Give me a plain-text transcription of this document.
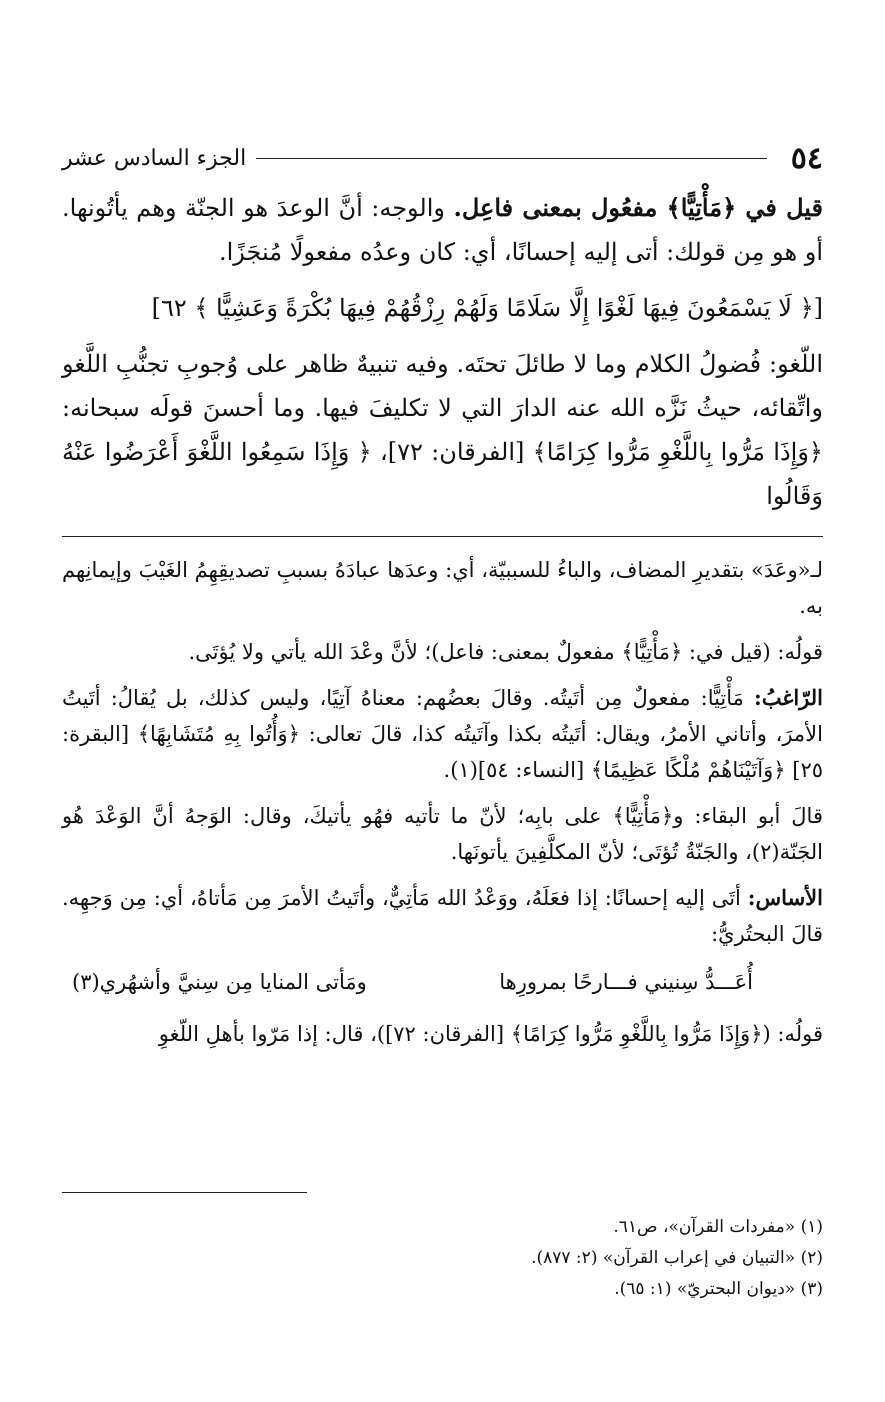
٥٤
الجزء السادس عشر

قيل في ﴿مَأْتِيًّا﴾ مفعُول بمعنى فاعِل. والوجه: أنَّ الوعدَ هو الجنّة وهم يأتُونها. أو هو مِن قولك: أتى إليه إحسانًا، أي: كان وعدُه مفعولًا مُنجَزًا.

[﴿ لَا يَسْمَعُونَ فِيهَا لَغْوًا إِلَّا سَلَامًا وَلَهُمْ رِزْقُهُمْ فِيهَا بُكْرَةً وَعَشِيًّا ﴾ ٦٢]

اللّغو: فُضولُ الكلام وما لا طائلَ تحتَه. وفيه تنبيهٌ ظاهر على وُجوبِ تجنُّبِ اللَّغو واتِّقائه، حيثُ نَزَّه الله عنه الدارَ التي لا تكليفَ فيها. وما أحسنَ قولَه سبحانه: ﴿وَإِذَا مَرُّوا بِاللَّغْوِ مَرُّوا كِرَامًا﴾ [الفرقان: ٧٢]، ﴿ وَإِذَا سَمِعُوا اللَّغْوَ أَعْرَضُوا عَنْهُ وَقَالُوا

لـ«وعَدَ» بتقديرِ المضاف، والباءُ للسببيّة، أي: وعدَها عبادَهُ بسببِ تصديقِهِمُ الغَيْبَ وإيمانِهم به.

قولُه: (قيل في: ﴿مَأْتِيًّا﴾ مفعولٌ بمعنى: فاعل)؛ لأنَّ وعْدَ الله يأتي ولا يُؤتَى.

الرّاغبُ: مَأْتِيًّا: مفعولٌ مِن أتَيتُه. وقالَ بعضُهم: معناهُ آتِيًا، وليس كذلك، بل يُقالُ: أتَيتُ الأمرَ، وأتاني الأمرُ، ويقال: أتَيتُه بكذا وآتَيتُه كذا، قالَ تعالى: ﴿وَأُتُوا بِهِ مُتَشَابِهًا﴾ [البقرة: ٢٥] ﴿وَآتَيْنَاهُمْ مُلْكًا عَظِيمًا﴾ [النساء: ٥٤](١).

قالَ أبو البقاء: و﴿مَأْتِيًّا﴾ على بابِه؛ لأنّ ما تأتيه فهُو يأتيكَ، وقال: الوَجهُ أنَّ الوَعْدَ هُو الجَنّة(٢)، والجَنّةُ تُؤتَى؛ لأنّ المكلَّفِينَ يأتونَها.

الأساس: أتَى إليه إحسانًا: إذا فعَلَهُ، ووَعْدُ الله مَأتِيٌّ، وأتَيتُ الأمرَ مِن مَأتاهُ، أي: مِن وَجهِه. قالَ البحتُريُّ:

أُعَـــدُّ سِنيني فـــارحًا بمرورِها
ومَأتى المنايا مِن سِنيَّ وأشهُري(٣)

قولُه: (﴿وَإِذَا مَرُّوا بِاللَّغْوِ مَرُّوا كِرَامًا﴾ [الفرقان: ٧٢])، قال: إذا مَرّوا بأهلِ اللّغوِ

(١) «مفردات القرآن»، ص٦١.

(٢) «التبيان في إعراب القرآن» (٢: ٨٧٧).

(٣) «ديوان البحتريّ» (١: ٦٥).
